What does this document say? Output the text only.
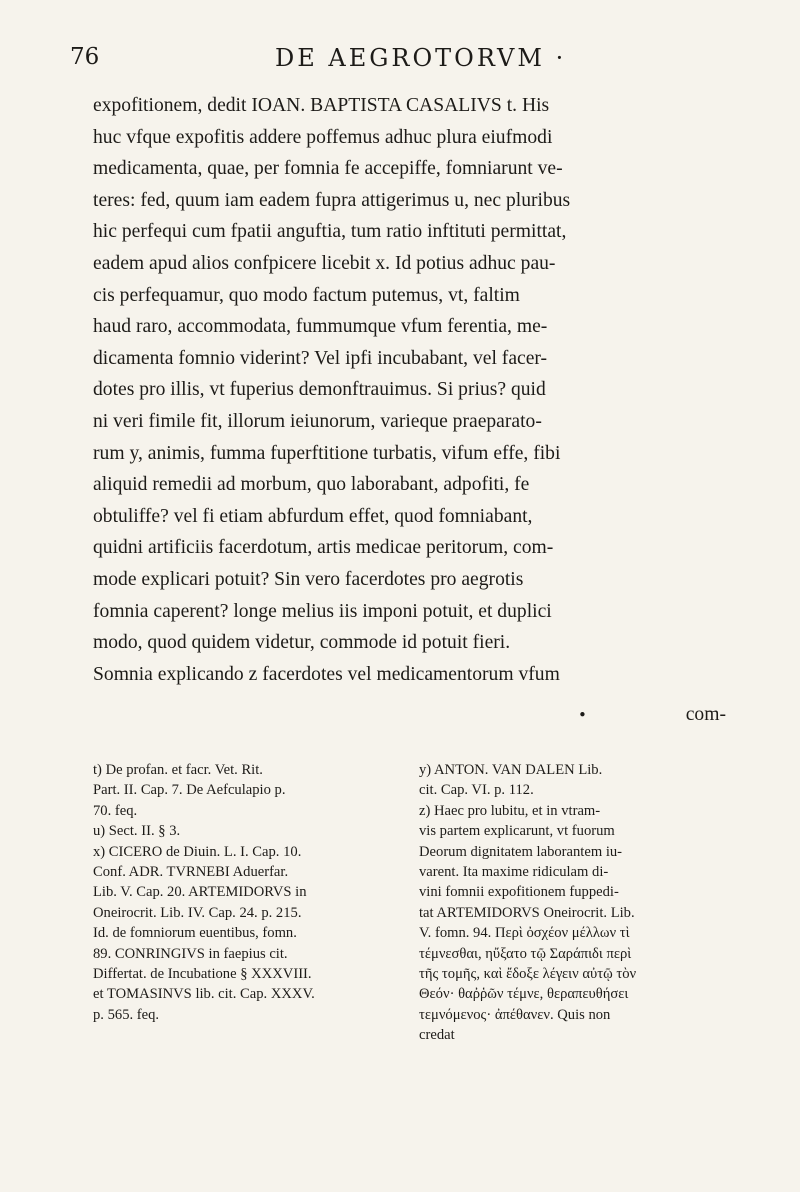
76	DE AEGROTORVM ·

expofitionem, dedit IOAN. BAPTISTA CASALIVS t. His

huc vfque expofitis addere poffemus adhuc plura eiufmodi

medicamenta, quae, per fomnia fe accepiffe, fomniarunt ve-

teres: fed, quum iam eadem fupra attigerimus u, nec pluribus

hic perfequi cum fpatii anguftia, tum ratio inftituti permittat,

eadem apud alios confpicere licebit x. Id potius adhuc pau-

cis perfequamur, quo modo factum putemus, vt, faltim

haud raro, accommodata, fummumque vfum ferentia, me-

dicamenta fomnio viderint? Vel ipfi incubabant, vel facer-

dotes pro illis, vt fuperius demonftrauimus. Si prius? quid

ni veri fimile fit, illorum ieiunorum, varieque praeparato-

rum y, animis, fumma fuperftitione turbatis, vifum effe, fibi

aliquid remedii ad morbum, quo laborabant, adpofiti, fe

obtuliffe? vel fi etiam abfurdum effet, quod fomniabant,

quidni artificiis facerdotum, artis medicae peritorum, com-

mode explicari potuit? Sin vero facerdotes pro aegrotis

fomnia caperent? longe melius iis imponi potuit, et duplici

modo, quod quidem videtur, commode id potuit fieri.

Somnia explicando z facerdotes vel medicamentorum vfum

•	com-

t) De profan. et facr. Vet. Rit.

Part. II. Cap. 7. De Aefculapio p.

70. feq.

u) Sect. II. § 3.

x) CICERO de Diuin. L. I. Cap. 10.

Conf. ADR. TVRNEBI Aduerfar.

Lib. V. Cap. 20. ARTEMIDORVS in

Oneirocrit. Lib. IV. Cap. 24. p. 215.

Id. de fomniorum euentibus, fomn.

89. CONRINGIVS in faepius cit.

Differtat. de Incubatione § XXXVIII.

et TOMASINVS lib. cit. Cap. XXXV.

p. 565. feq.

y) ANTON. VAN DALEN Lib.

cit. Cap. VI. p. 112.

z) Haec pro lubitu, et in vtram-

vis partem explicarunt, vt fuorum

Deorum dignitatem laborantem iu-

varent. Ita maxime ridiculam di-

vini fomnii expofitionem fuppedi-

tat ARTEMIDORVS Oneirocrit. Lib.

V. fomn. 94. Περὶ ὀσχέον μέλλων τὶ

τέμνεσθαι, ηὔξατο τῷ Σαράπιδι περὶ

τῆς τομῆς, καὶ ἔδοξε λέγειν αὐτῷ τὸν

Θεόν· θαῤῥῶν τέμνε, θεραπευθήσει

τεμνόμενος· ἀπέθανεν. Quis non

credat
